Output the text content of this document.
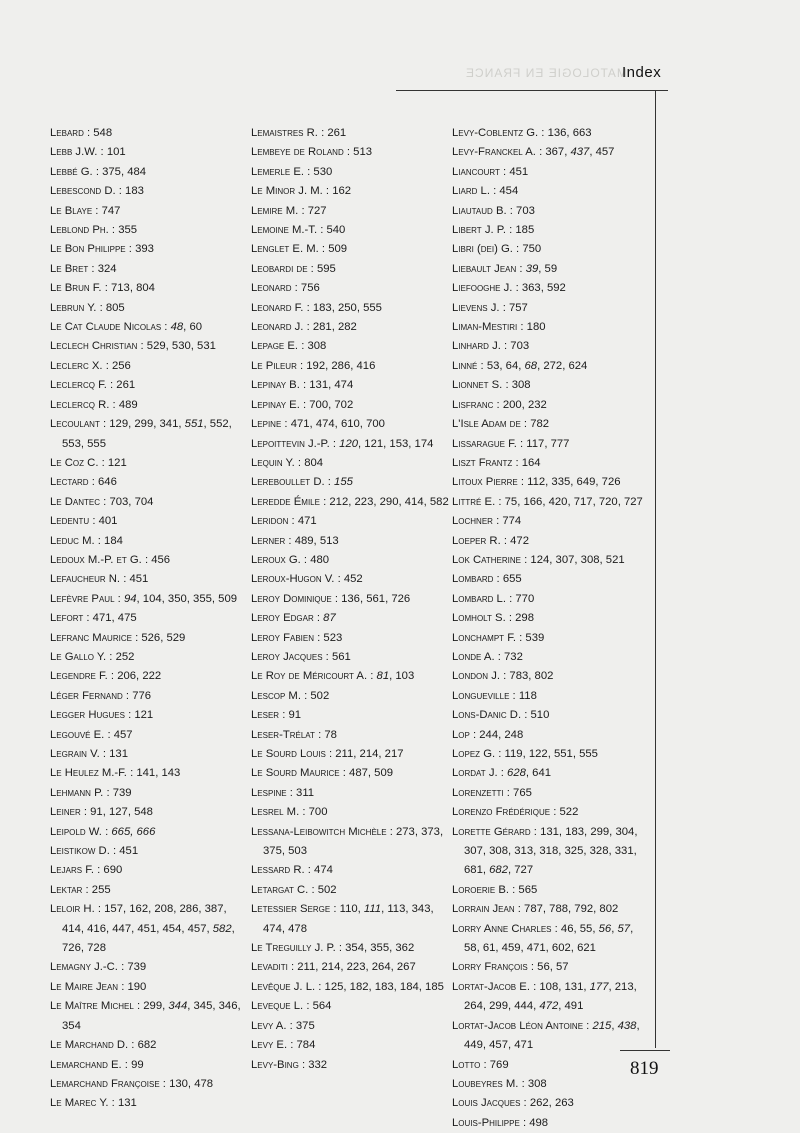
MATOLOGIE EN FRANCE
Index
Lebard : 548
Lebb J.W. : 101
Lebbé G. : 375, 484
Lebescond D. : 183
Le Blaye : 747
Leblond Ph. : 355
Le Bon Philippe : 393
Le Bret : 324
Le Brun F. : 713, 804
Lebrun Y. : 805
Le Cat Claude Nicolas : 48, 60
Leclech Christian : 529, 530, 531
Leclerc X. : 256
Leclercq F. : 261
Leclercq R. : 489
Lecoulant : 129, 299, 341, 551, 552, 553, 555
Le Coz C. : 121
Lectard : 646
Le Dantec : 703, 704
Ledentu : 401
Leduc M. : 184
Ledoux M.-P. et G. : 456
Lefaucheur N. : 451
Lefèvre Paul : 94, 104, 350, 355, 509
Lefort : 471, 475
Lefranc Maurice : 526, 529
Le Gallo Y. : 252
Legendre F. : 206, 222
Léger Fernand : 776
Legger Hugues : 121
Legouvé E. : 457
Legrain V. : 131
Le Heulez M.-F. : 141, 143
Lehmann P. : 739
Leiner : 91, 127, 548
Leipold W. : 665, 666
Leistikow D. : 451
Lejars F. : 690
Lektar : 255
Leloir H. : 157, 162, 208, 286, 387, 414, 416, 447, 451, 454, 457, 582, 726, 728
Lemagny J.-C. : 739
Le Maire Jean : 190
Le Maître Michel : 299, 344, 345, 346, 354
Le Marchand D. : 682
Lemarchand E. : 99
Lemarchand Françoise : 130, 478
Le Marec Y. : 131
Lemaistres R. : 261
Lembeye de Roland : 513
Lemerle E. : 530
Le Minor J. M. : 162
Lemire M. : 727
Lemoine M.-T. : 540
Lenglet E. M. : 509
Leobardi de : 595
Leonard : 756
Leonard F. : 183, 250, 555
Leonard J. : 281, 282
Lepage E. : 308
Le Pileur : 192, 286, 416
Lepinay B. : 131, 474
Lepinay E. : 700, 702
Lepine : 471, 474, 610, 700
Lepoittevin J.-P. : 120, 121, 153, 174
Lequin Y. : 804
Lereboullet D. : 155
Leredde Émile : 212, 223, 290, 414, 582
Leridon : 471
Lerner : 489, 513
Leroux G. : 480
Leroux-Hugon V. : 452
Leroy Dominique : 136, 561, 726
Leroy Edgar : 87
Leroy Fabien : 523
Leroy Jacques : 561
Le Roy de Méricourt A. : 81, 103
Lescop M. : 502
Leser : 91
Leser-Trélat : 78
Le Sourd Louis : 211, 214, 217
Le Sourd Maurice : 487, 509
Lespine : 311
Lesrel M. : 700
Lessana-Leibowitch Michèle : 273, 373, 375, 503
Lessard R. : 474
Letargat C. : 502
Letessier Serge : 110, 111, 113, 343, 474, 478
Le Treguilly J. P. : 354, 355, 362
Levaditi : 211, 214, 223, 264, 267
Levêque J. L. : 125, 182, 183, 184, 185
Leveque L. : 564
Levy A. : 375
Levy E. : 784
Levy-Bing : 332
Levy-Coblentz G. : 136, 663
Levy-Franckel A. : 367, 437, 457
Liancourt : 451
Liard L. : 454
Liautaud B. : 703
Libert J. P. : 185
Libri (dei) G. : 750
Liebault Jean : 39, 59
Liefooghe J. : 363, 592
Lievens J. : 757
Liman-Mestiri : 180
Linhard J. : 703
Linné : 53, 64, 68, 272, 624
Lionnet S. : 308
Lisfranc : 200, 232
L'Isle Adam de : 782
Lissarague F. : 117, 777
Liszt Frantz : 164
Litoux Pierre : 112, 335, 649, 726
Littré E. : 75, 166, 420, 717, 720, 727
Lochner : 774
Loeper R. : 472
Lok Catherine : 124, 307, 308, 521
Lombard : 655
Lombard L. : 770
Lomholt S. : 298
Lonchampt F. : 539
Londe A. : 732
London J. : 783, 802
Longueville : 118
Lons-Danic D. : 510
Lop : 244, 248
Lopez G. : 119, 122, 551, 555
Lordat J. : 628, 641
Lorenzetti : 765
Lorenzo Frédérique : 522
Lorette Gérard : 131, 183, 299, 304, 307, 308, 313, 318, 325, 328, 331, 681, 682, 727
Loroerie B. : 565
Lorrain Jean : 787, 788, 792, 802
Lorry Anne Charles : 46, 55, 56, 57, 58, 61, 459, 471, 602, 621
Lorry François : 56, 57
Lortat-Jacob E. : 108, 131, 177, 213, 264, 299, 444, 472, 491
Lortat-Jacob Léon Antoine : 215, 438, 449, 457, 471
Lotto : 769
Loubeyres M. : 308
Louis Jacques : 262, 263
Louis-Philippe : 498
819
